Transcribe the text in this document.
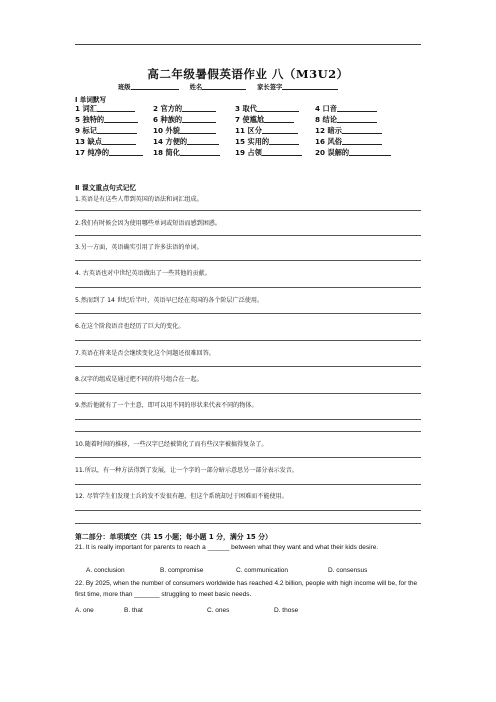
高二年级暑假英语作业 八（M3U2）
班级	姓名	家长签字
Ⅰ 单词默写
1 词汇	2 官方的	3 取代	4 口音
5 独特的	6 种族的	7 使尴尬	8 结论
9 标记	10 外貌	11 区分	12 暗示
13 缺点	14 方便的	15 实用的	16 风俗
17 纯净的	18 简化	19 占领	20 误解的
Ⅱ 课文重点句式记忆
1.英语是有这些人带到英国的语法和词汇组成。
2.我们有时候会因为使用哪些单词或短语而感到困惑。
3.另一方面，英语确实引用了许多法语的单词。
4. 古英语也对中世纪英语做出了一些其他的贡献。
5.然而到了 14 世纪后半叶，英语早已经在英国的各个阶层广泛使用。
6.在这个阶段语音也经历了巨大的变化。
7.英语在将来是否会继续变化这个问题还很难回答。
8.汉字的组成是通过把不同的符号组合在一起。
9.然后他就有了一个主意，即可以用不同的形状来代表不同的物体。
10.随着时间的推移，一些汉字已经被简化了而有些汉字被搞得复杂了。
11.所以，有一种方法得到了发展，让一个字的一部分暗示意思另一部分表示发音。
12. 尽管学生们发现士兵的发不发很有趣，但这个系统却过于困难而不能使用。
第二部分：单项填空（共 15 小题；每小题 1 分，满分 15 分）
21. It is really important for parents to reach a ______ between what they want and what their kids desire.
A. conclusion	B. compromise	C. communication	D. consensus
22. By 2025, when the number of consumers worldwide has reached 4.2 billion, people with high income will be, for the first time, more than _______ struggling to meet basic needs.
A. one	B. that	C. ones	D. those
